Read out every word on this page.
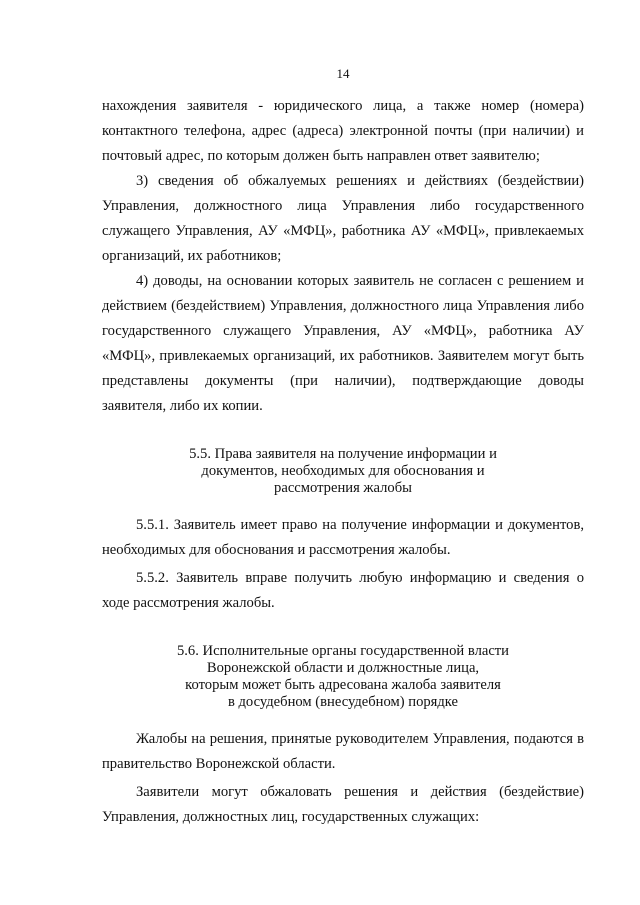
14

нахождения заявителя - юридического лица, а также номер (номера) контактного телефона, адрес (адреса) электронной почты (при наличии) и почтовый адрес, по которым должен быть направлен ответ заявителю;

3) сведения об обжалуемых решениях и действиях (бездействии) Управления, должностного лица Управления либо государственного служащего Управления, АУ «МФЦ», работника АУ «МФЦ», привлекаемых организаций, их работников;

4) доводы, на основании которых заявитель не согласен с решением и действием (бездействием) Управления, должностного лица Управления либо государственного служащего Управления, АУ «МФЦ», работника АУ «МФЦ», привлекаемых организаций, их работников. Заявителем могут быть представлены документы (при наличии), подтверждающие доводы заявителя, либо их копии.

5.5. Права заявителя на получение информации и
документов, необходимых для обоснования и
рассмотрения жалобы

5.5.1. Заявитель имеет право на получение информации и документов, необходимых для обоснования и рассмотрения жалобы.

5.5.2. Заявитель вправе получить любую информацию и сведения о ходе рассмотрения жалобы.

5.6. Исполнительные органы государственной власти
Воронежской области и должностные лица,
которым может быть адресована жалоба заявителя
в досудебном (внесудебном) порядке

Жалобы на решения, принятые руководителем Управления, подаются в правительство Воронежской области.

Заявители могут обжаловать решения и действия (бездействие) Управления, должностных лиц, государственных служащих:
